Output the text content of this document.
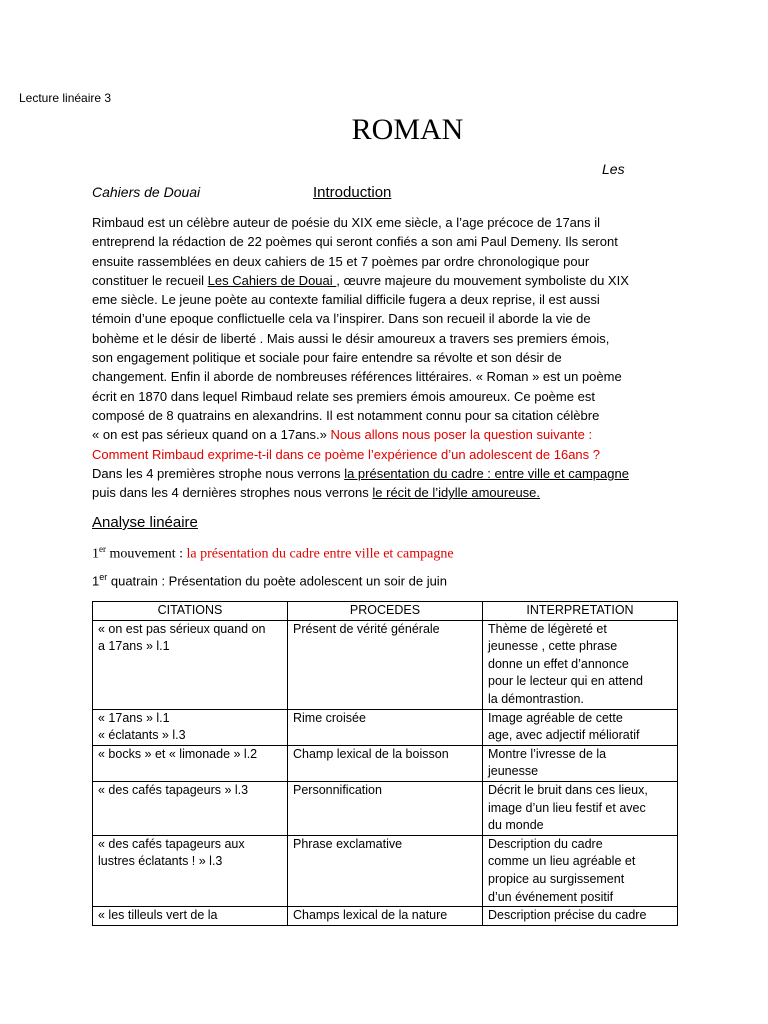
Lecture linéaire 3
ROMAN
Les
Cahiers de Douai	Introduction
Rimbaud est un célèbre auteur de poésie du XIX eme siècle, a l’age précoce de 17ans il
entreprend la rédaction de 22 poèmes qui seront confiés a son ami Paul Demeny. Ils seront
ensuite rassemblées en deux cahiers de 15 et 7 poèmes par ordre chronologique pour
constituer le recueil Les Cahiers de Douai , œuvre majeure du mouvement symboliste du XIX
eme siècle. Le jeune poète au contexte familial difficile fugera a deux reprise, il est aussi
témoin d’une epoque conflictuelle cela va l’inspirer. Dans son recueil il aborde la vie de
bohème et le désir de liberté . Mais aussi le désir amoureux a travers ses premiers émois,
son engagement politique et sociale pour faire entendre sa révolte et son désir de
changement. Enfin il aborde de nombreuses références littéraires. « Roman » est un poème
écrit en 1870 dans lequel Rimbaud relate ses premiers émois amoureux. Ce poème est
composé de 8 quatrains en alexandrins. Il est notamment connu pour sa citation célèbre
« on est pas sérieux quand on a 17ans.» Nous allons nous poser la question suivante :
Comment Rimbaud exprime-t-il dans ce poème l’expérience d’un adolescent de 16ans ?
Dans les 4 premières strophe nous verrons la présentation du cadre : entre ville et campagne
puis dans les 4 dernières strophes nous verrons le récit de l’idylle amoureuse.
Analyse linéaire
1er mouvement : la présentation du cadre entre ville et campagne
1er quatrain : Présentation du poète adolescent un soir de juin
CITATIONS	PROCEDES	INTERPRETATION

« on est pas sérieux quand on
a 17ans » l.1	Présent de vérité générale	Thème de légèreté et
jeunesse , cette phrase
donne un effet d’annonce
pour le lecteur qui en attend
la démontrastion.

« 17ans » l.1
« éclatants » l.3	Rime croisée	Image agréable de cette
age, avec adjectif mélioratif

« bocks » et « limonade » l.2	Champ lexical de la boisson	Montre l’ivresse de la
jeunesse

« des cafés tapageurs » l.3	Personnification	Décrit le bruit dans ces lieux,
image d’un lieu festif et avec
du monde

« des cafés tapageurs aux
lustres éclatants ! » l.3	Phrase exclamative	Description du cadre
comme un lieu agréable et
propice au surgissement
d’un événement positif

« les tilleuls vert de la	Champs lexical de la nature	Description précise du cadre
